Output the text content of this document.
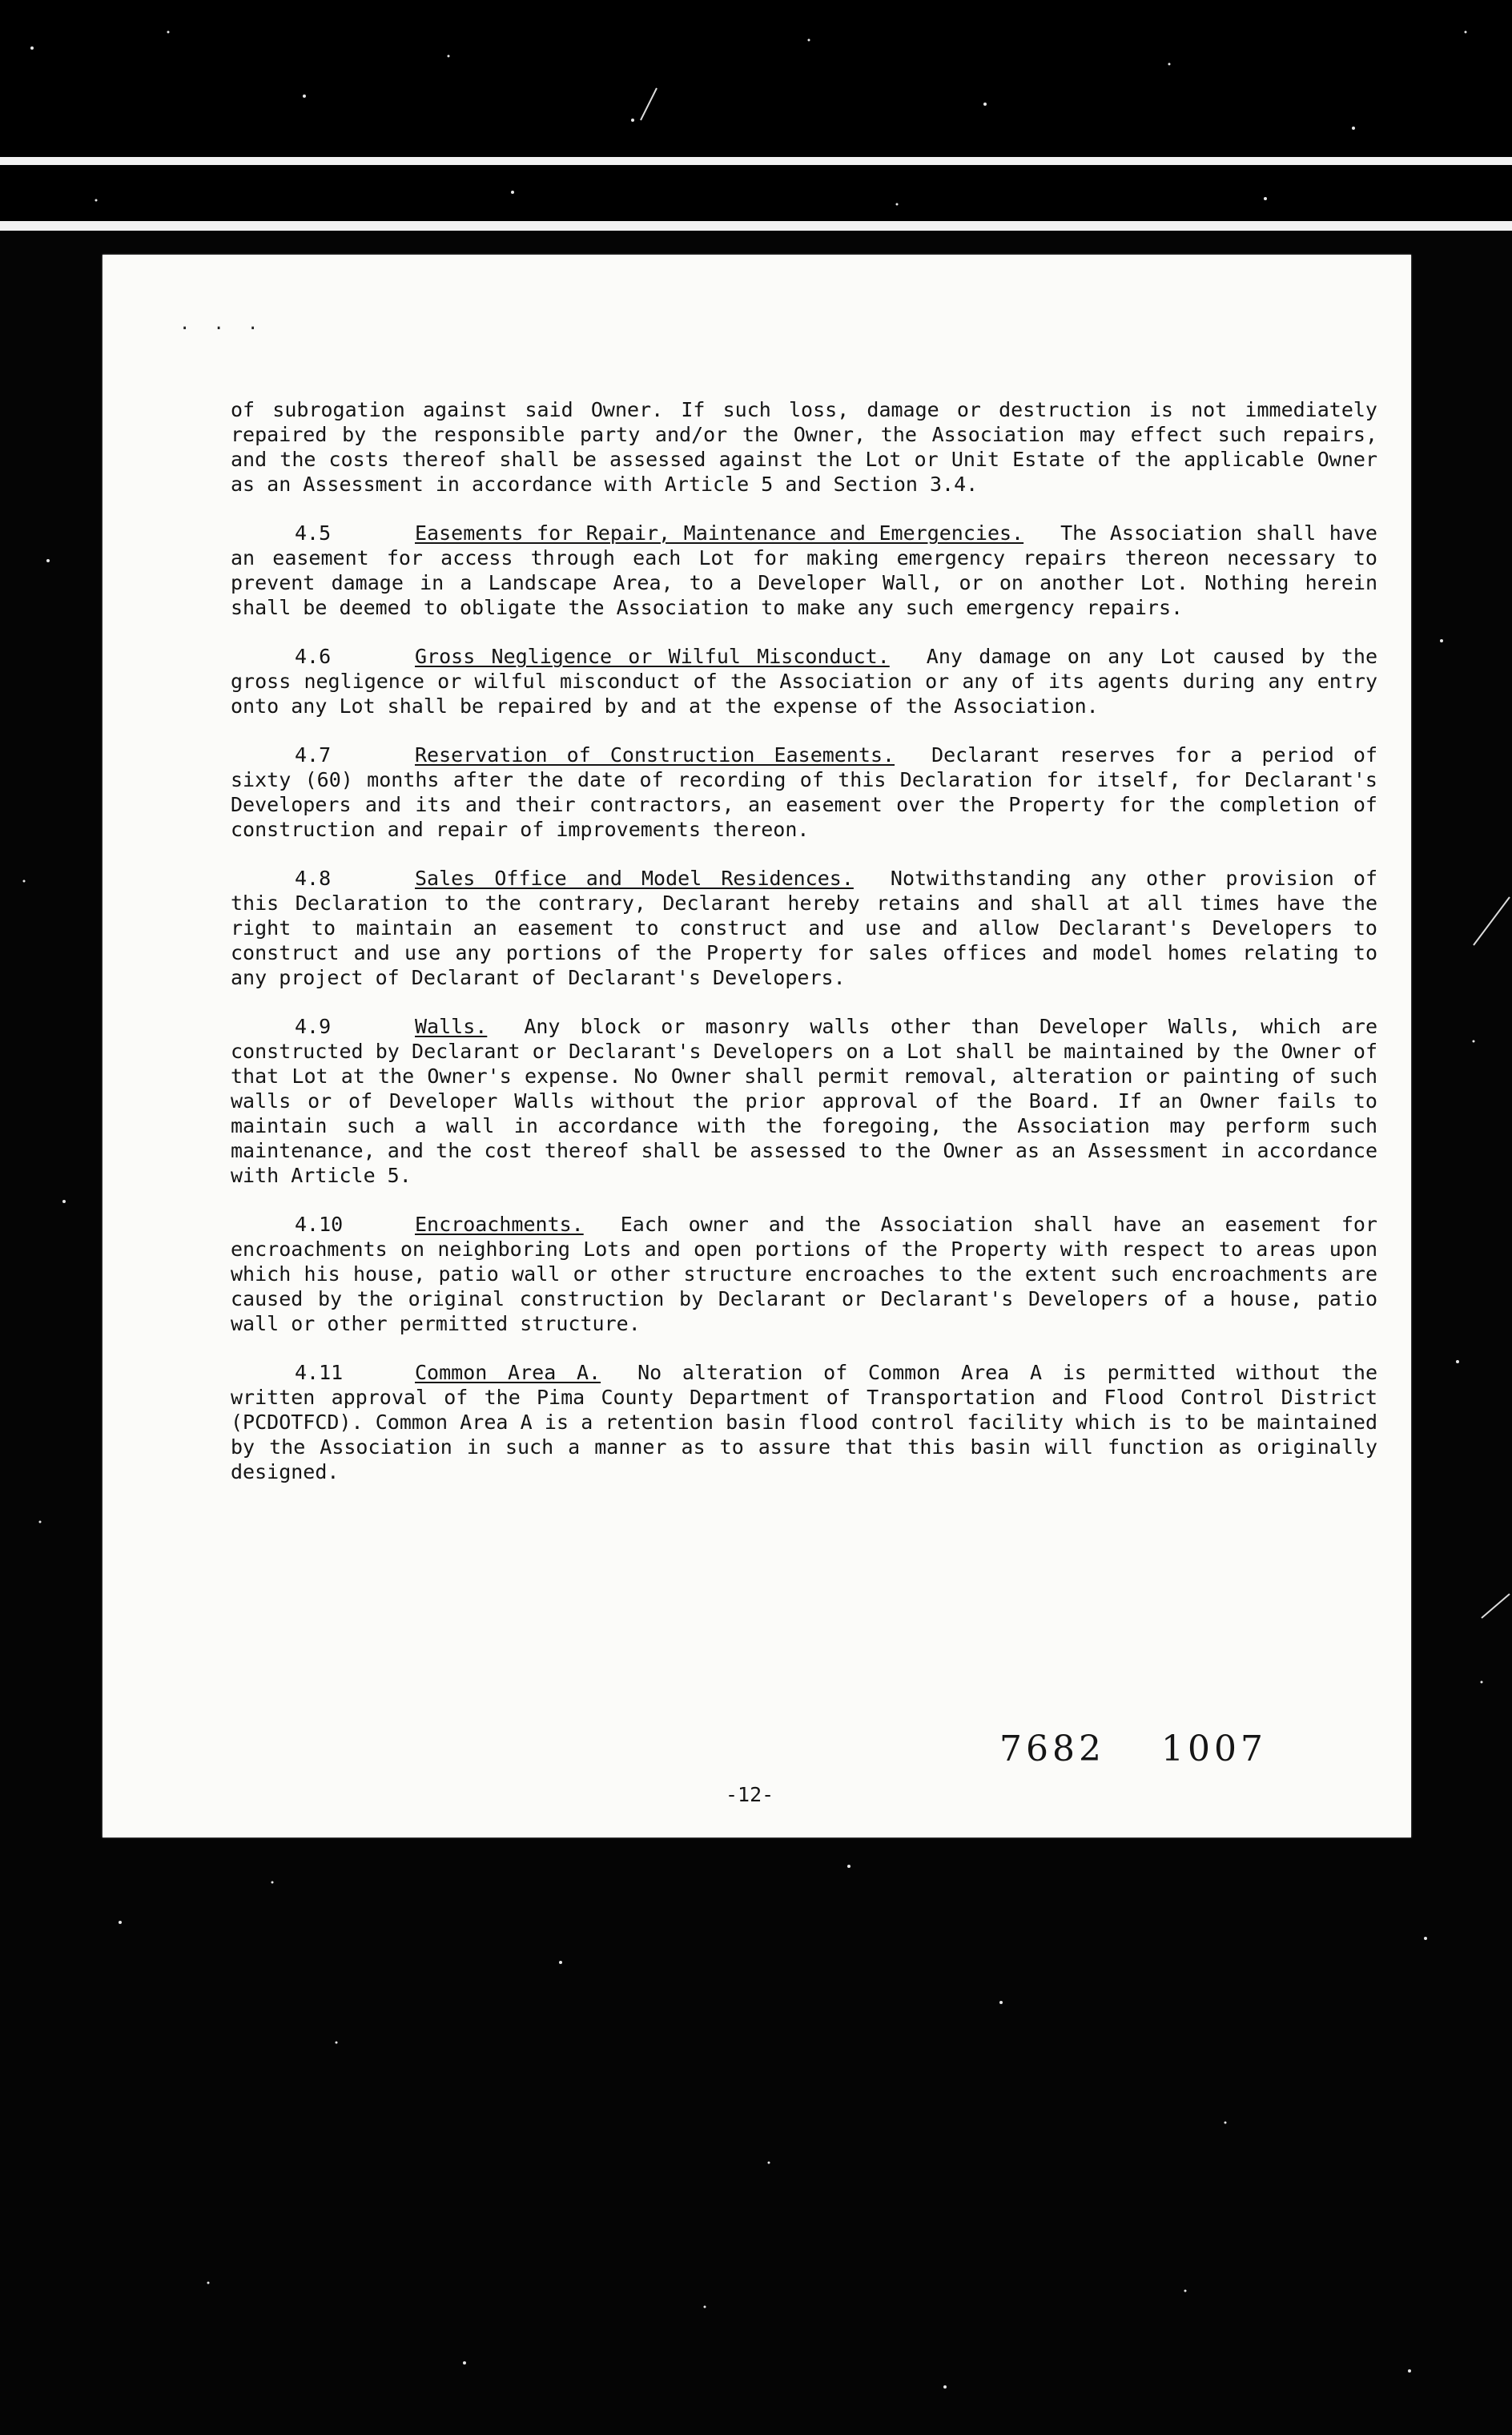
· · ·

of subrogation against said Owner. If such loss, damage or destruction is not immediately repaired by the responsible party and/or the Owner, the Association may effect such repairs, and the costs thereof shall be assessed against the Lot or Unit Estate of the applicable Owner as an Assessment in accordance with Article 5 and Section 3.4.

4.5	Easements for Repair, Maintenance and Emergencies. The Association shall have an easement for access through each Lot for making emergency repairs thereon necessary to prevent damage in a Landscape Area, to a Developer Wall, or on another Lot. Nothing herein shall be deemed to obligate the Association to make any such emergency repairs.

4.6	Gross Negligence or Wilful Misconduct. Any damage on any Lot caused by the gross negligence or wilful misconduct of the Association or any of its agents during any entry onto any Lot shall be repaired by and at the expense of the Association.

4.7	Reservation of Construction Easements. Declarant reserves for a period of sixty (60) months after the date of recording of this Declaration for itself, for Declarant's Developers and its and their contractors, an easement over the Property for the completion of construction and repair of improvements thereon.

4.8	Sales Office and Model Residences. Notwithstanding any other provision of this Declaration to the contrary, Declarant hereby retains and shall at all times have the right to maintain an easement to construct and use and allow Declarant's Developers to construct and use any portions of the Property for sales offices and model homes relating to any project of Declarant of Declarant's Developers.

4.9	Walls. Any block or masonry walls other than Developer Walls, which are constructed by Declarant or Declarant's Developers on a Lot shall be maintained by the Owner of that Lot at the Owner's expense. No Owner shall permit removal, alteration or painting of such walls or of Developer Walls without the prior approval of the Board. If an Owner fails to maintain such a wall in accordance with the foregoing, the Association may perform such maintenance, and the cost thereof shall be assessed to the Owner as an Assessment in accordance with Article 5.

4.10	Encroachments. Each owner and the Association shall have an easement for encroachments on neighboring Lots and open portions of the Property with respect to areas upon which his house, patio wall or other structure encroaches to the extent such encroachments are caused by the original construction by Declarant or Declarant's Developers of a house, patio wall or other permitted structure.

4.11	Common Area A. No alteration of Common Area A is permitted without the written approval of the Pima County Department of Transportation and Flood Control District (PCDOTFCD). Common Area A is a retention basin flood control facility which is to be maintained by the Association in such a manner as to assure that this basin will function as originally designed.

7682 1007
-12-
